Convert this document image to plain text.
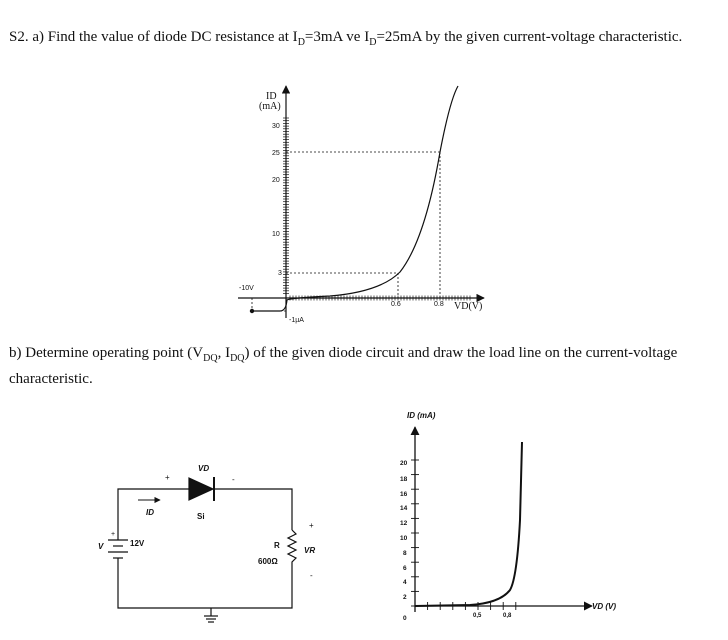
S2. a) Find the value of diode DC resistance at $I_D=3mA$ ve $I_D=25mA$ by the given current-voltage characteristic.
b) Determine operating point ($V_{DQ}$, $I_{DQ}$) of the given diode circuit and draw the load line on the current-voltage characteristic.
ID
(mA)
30
25
20
10
3
0.6	0.8 VD(V)
-10V
-1µA
V	12V
+
VD
+	-
Si
ID
R
600Ω
VR
+
-
ID (mA)
VD (V)
20
18
16
14
12
10
8
6
4
2
0	0,5	0,8
